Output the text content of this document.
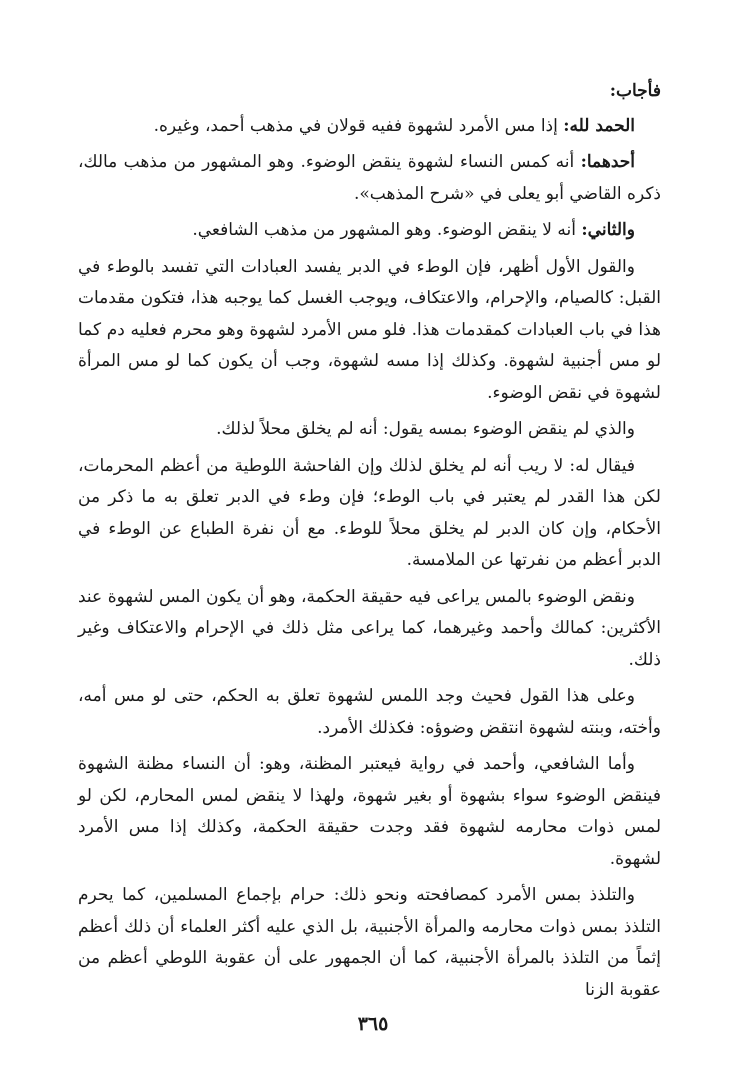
فأجاب:

الحمد لله: إذا مس الأمرد لشهوة ففيه قولان في مذهب أحمد، وغيره.

أحدهما: أنه كمس النساء لشهوة ينقض الوضوء. وهو المشهور من مذهب مالك، ذكره القاضي أبو يعلى في «شرح المذهب».

والثاني: أنه لا ينقض الوضوء. وهو المشهور من مذهب الشافعي.

والقول الأول أظهر، فإن الوطء في الدبر يفسد العبادات التي تفسد بالوطء في القبل: كالصيام، والإحرام، والاعتكاف، ويوجب الغسل كما يوجبه هذا، فتكون مقدمات هذا في باب العبادات كمقدمات هذا. فلو مس الأمرد لشهوة وهو محرم فعليه دم كما لو مس أجنبية لشهوة. وكذلك إذا مسه لشهوة، وجب أن يكون كما لو مس المرأة لشهوة في نقض الوضوء.

والذي لم ينقض الوضوء بمسه يقول: أنه لم يخلق محلاً لذلك.

فيقال له: لا ريب أنه لم يخلق لذلك وإن الفاحشة اللوطية من أعظم المحرمات، لكن هذا القدر لم يعتبر في باب الوطء؛ فإن وطء في الدبر تعلق به ما ذكر من الأحكام، وإن كان الدبر لم يخلق محلاً للوطء. مع أن نفرة الطباع عن الوطء في الدبر أعظم من نفرتها عن الملامسة.

ونقض الوضوء بالمس يراعى فيه حقيقة الحكمة، وهو أن يكون المس لشهوة عند الأكثرين: كمالك وأحمد وغيرهما، كما يراعى مثل ذلك في الإحرام والاعتكاف وغير ذلك.

وعلى هذا القول فحيث وجد اللمس لشهوة تعلق به الحكم، حتى لو مس أمه، وأخته، وبنته لشهوة انتقض وضوؤه: فكذلك الأمرد.

وأما الشافعي، وأحمد في رواية فيعتبر المظنة، وهو: أن النساء مظنة الشهوة فينقض الوضوء سواء بشهوة أو بغير شهوة، ولهذا لا ينقض لمس المحارم، لكن لو لمس ذوات محارمه لشهوة فقد وجدت حقيقة الحكمة، وكذلك إذا مس الأمرد لشهوة.

والتلذذ بمس الأمرد كمصافحته ونحو ذلك: حرام بإجماع المسلمين، كما يحرم التلذذ بمس ذوات محارمه والمرأة الأجنبية، بل الذي عليه أكثر العلماء أن ذلك أعظم إثماً من التلذذ بالمرأة الأجنبية، كما أن الجمهور على أن عقوبة اللوطي أعظم من عقوبة الزنا

٣٦٥
